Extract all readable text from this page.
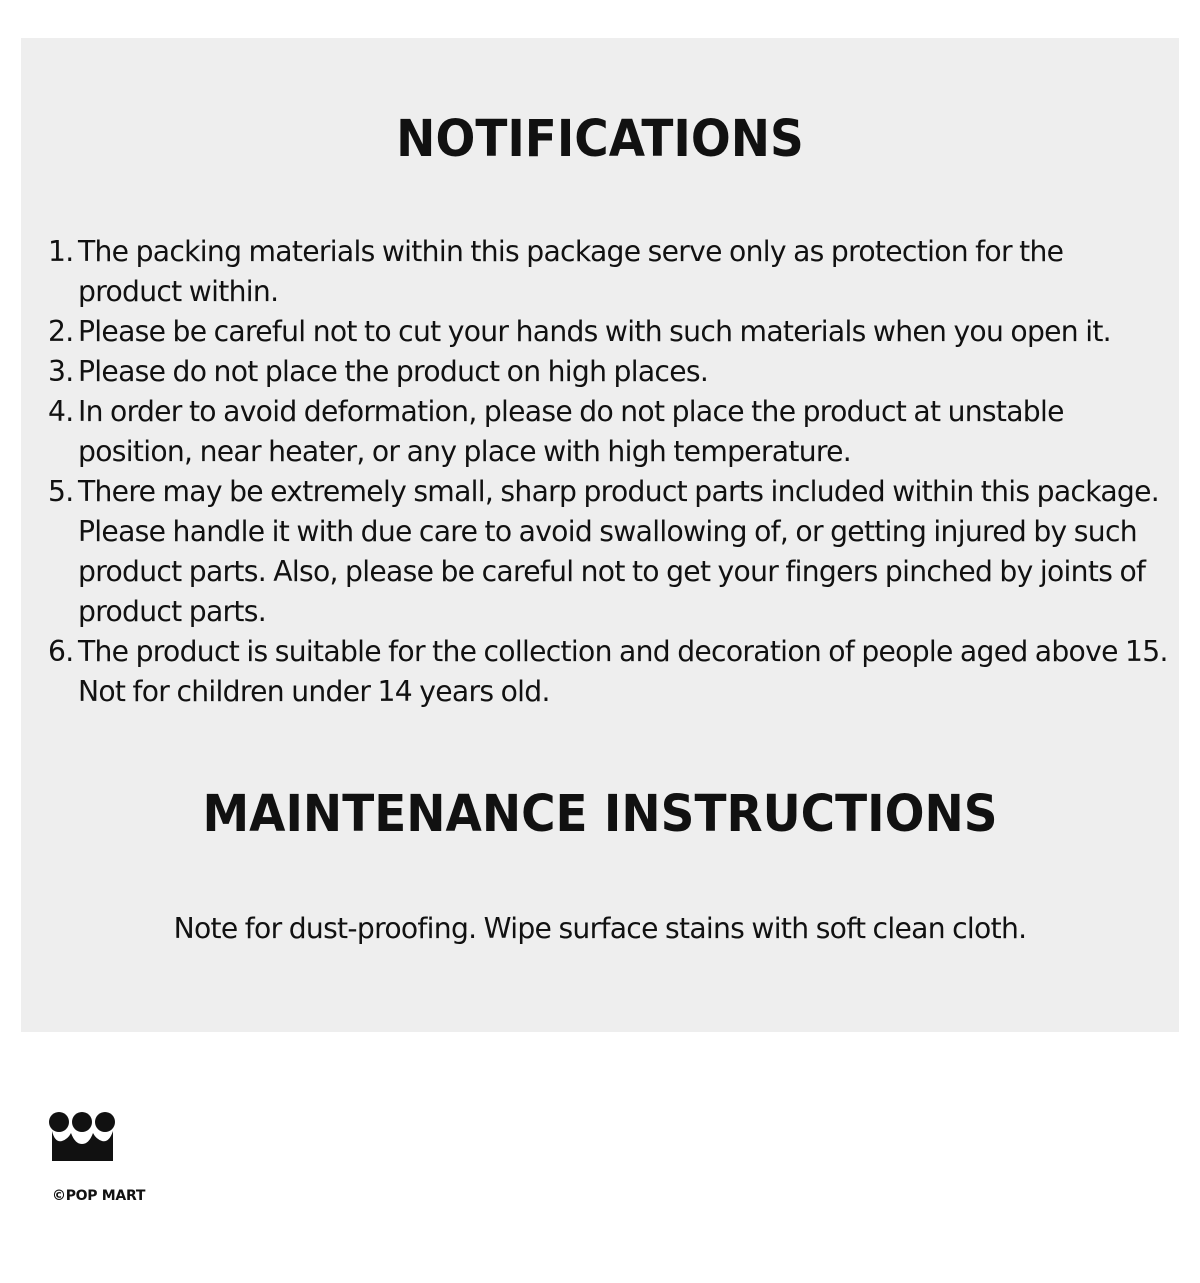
NOTIFICATIONS
1. The packing materials within this package serve only as protection for the product within.
2. Please be careful not to cut your hands with such materials when you open it.
3. Please do not place the product on high places.
4. In order to avoid deformation, please do not place the product at unstable position, near heater, or any place with high temperature.
5. There may be extremely small, sharp product parts included within this package. Please handle it with due care to avoid swallowing of, or getting injured by such product parts. Also, please be careful not to get your fingers pinched by joints of product parts.
6. The product is suitable for the collection and decoration of people aged above 15. Not for children under 14 years old.
MAINTENANCE INSTRUCTIONS

Note for dust-proofing. Wipe surface stains with soft clean cloth.

©POP MART
